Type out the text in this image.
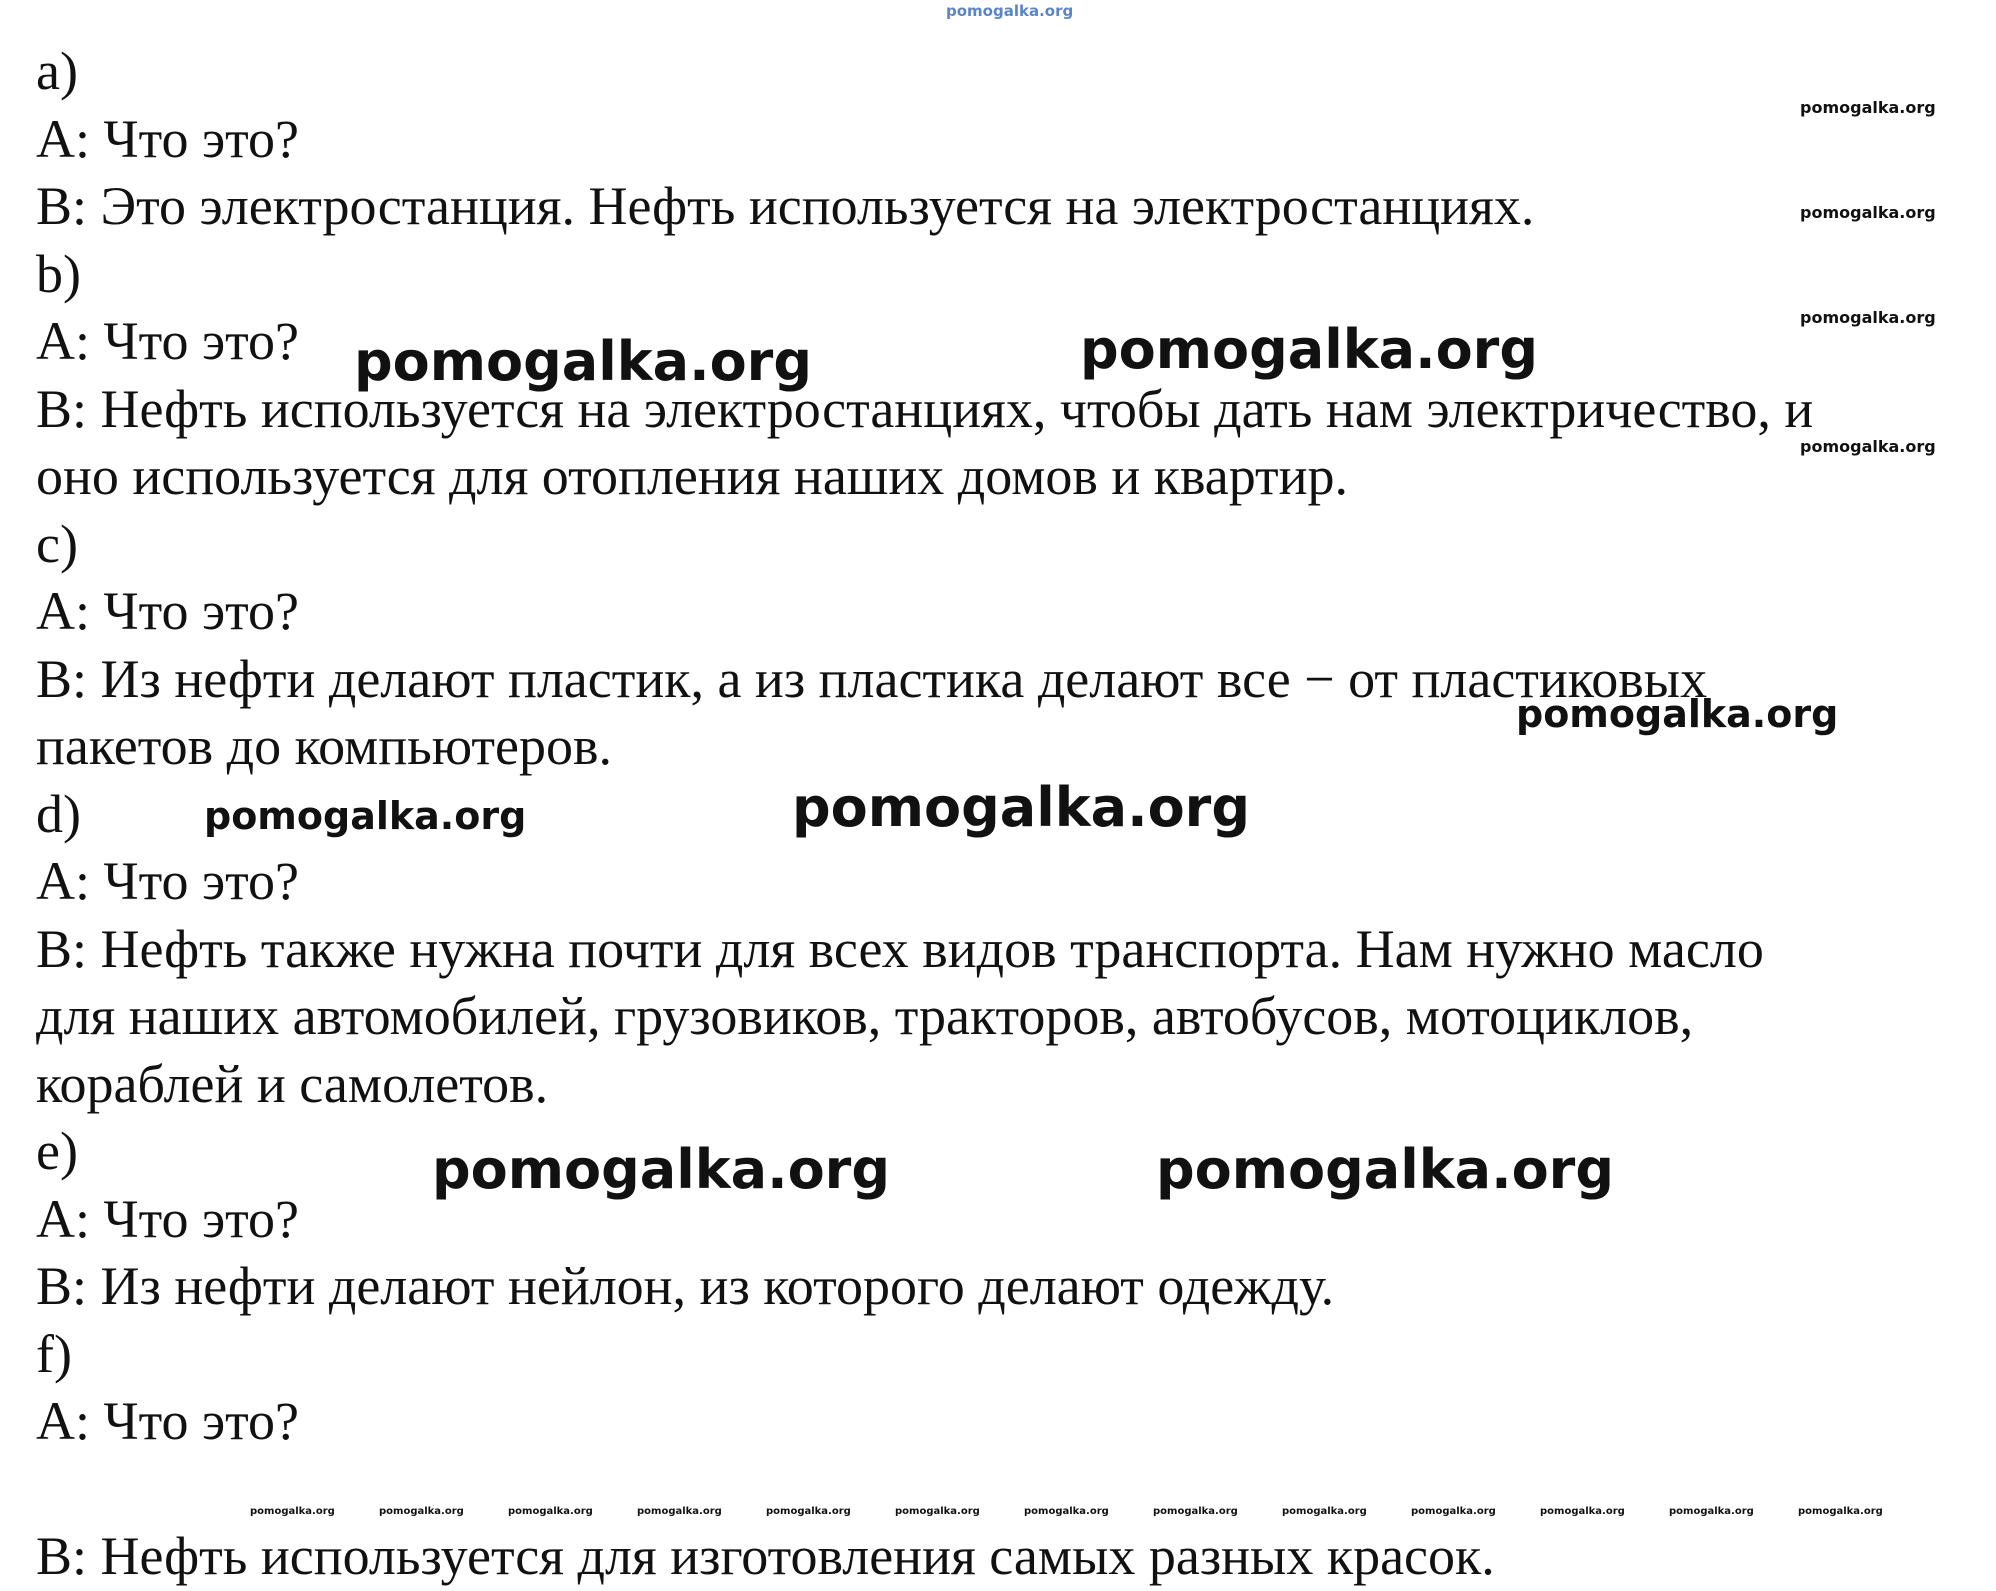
а)
A: Что это?
B: Это электростанция. Нефть используется на электростанциях.
b)
A: Что это?
B: Нефть используется на электростанциях, чтобы дать нам электричество, и
оно используется для отопления наших домов и квартир.
с)
A: Что это?
B: Из нефти делают пластик, а из пластика делают все − от пластиковых
пакетов до компьютеров.
d)
A: Что это?
B: Нефть также нужна почти для всех видов транспорта. Нам нужно масло
для наших автомобилей, грузовиков, тракторов, автобусов, мотоциклов,
кораблей и самолетов.
e)
A: Что это?
B: Из нефти делают нейлон, из которого делают одежду.
f)
A: Что это?
B: Нефть используется для изготовления самых разных красок.
pomogalka.org
pomogalka.org
pomogalka.org
pomogalka.org
pomogalka.org
pomogalka.org	pomogalka.org
pomogalka.org
pomogalka.org	pomogalka.org
pomogalka.org	pomogalka.org
pomogalka.org	pomogalka.org	pomogalka.org	pomogalka.org	pomogalka.org	pomogalka.org	pomogalka.org	pomogalka.org	pomogalka.org	pomogalka.org	pomogalka.org	pomogalka.org	pomogalka.org
